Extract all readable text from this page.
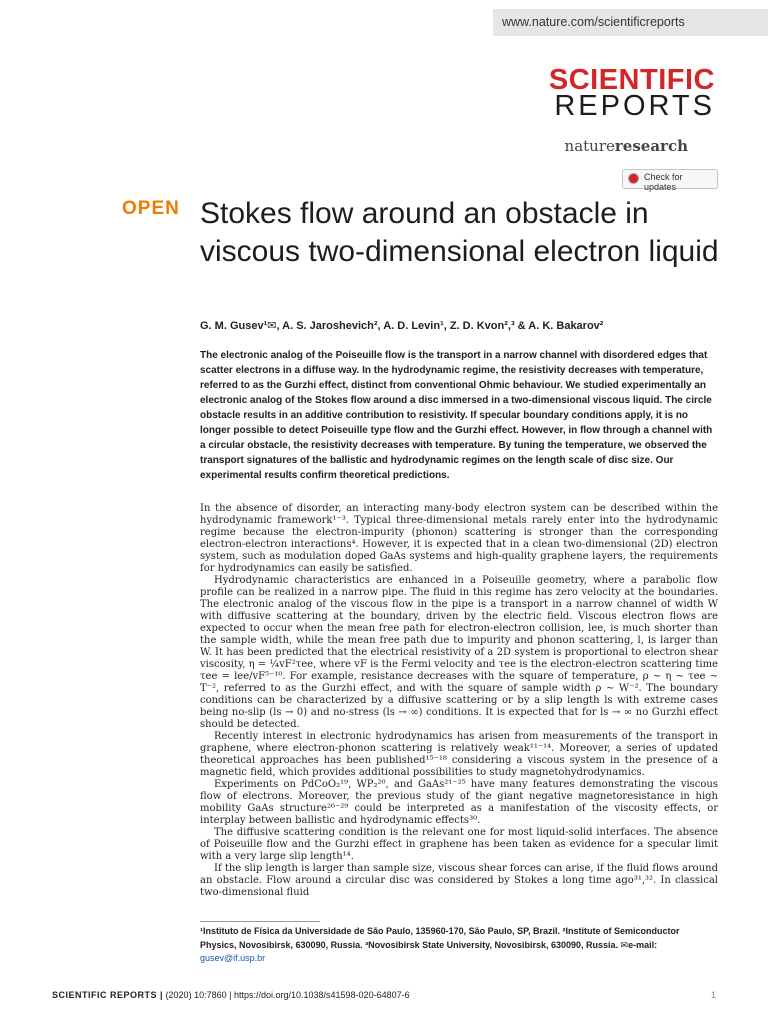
www.nature.com/scientificreports
SCIENTIFIC
REPORTS
natureresearch
Check for updates
OPEN Stokes flow around an obstacle in viscous two-dimensional electron liquid
G. M. Gusev¹✉, A. S. Jaroshevich², A. D. Levin¹, Z. D. Kvon²,³ & A. K. Bakarov²

The electronic analog of the Poiseuille flow is the transport in a narrow channel with disordered edges that scatter electrons in a diffuse way. In the hydrodynamic regime, the resistivity decreases with temperature, referred to as the Gurzhi effect, distinct from conventional Ohmic behaviour. We studied experimentally an electronic analog of the Stokes flow around a disc immersed in a two-dimensional viscous liquid. The circle obstacle results in an additive contribution to resistivity. If specular boundary conditions apply, it is no longer possible to detect Poiseuille type flow and the Gurzhi effect. However, in flow through a channel with a circular obstacle, the resistivity decreases with temperature. By tuning the temperature, we observed the transport signatures of the ballistic and hydrodynamic regimes on the length scale of disc size. Our experimental results confirm theoretical predictions.

In the absence of disorder, an interacting many-body electron system can be described within the hydrodynamic framework¹⁻³. Typical three-dimensional metals rarely enter into the hydrodynamic regime because the electron-impurity (phonon) scattering is stronger than the corresponding electron-electron interactions⁴. However, it is expected that in a clean two-dimensional (2D) electron system, such as modulation doped GaAs systems and high-quality graphene layers, the requirements for hydrodynamics can easily be satisfied.

Hydrodynamic characteristics are enhanced in a Poiseuille geometry, where a parabolic flow profile can be realized in a narrow pipe. The fluid in this regime has zero velocity at the boundaries. The electronic analog of the viscous flow in the pipe is a transport in a narrow channel of width W with diffusive scattering at the boundary, driven by the electric field. Viscous electron flows are expected to occur when the mean free path for electron-electron collision, lee, is much shorter than the sample width, while the mean free path due to impurity and phonon scattering, l, is larger than W. It has been predicted that the electrical resistivity of a 2D system is proportional to electron shear viscosity, η = ¼vF²τee, where vF is the Fermi velocity and τee is the electron-electron scattering time τee = lee/vF⁵⁻¹⁰. For example, resistance decreases with the square of temperature, ρ ∼ η ∼ τee ∼ T⁻², referred to as the Gurzhi effect, and with the square of sample width ρ ∼ W⁻². The boundary conditions can be characterized by a diffusive scattering or by a slip length ls with extreme cases being no-slip (ls → 0) and no-stress (ls → ∞) conditions. It is expected that for ls → ∞ no Gurzhi effect should be detected.

Recently interest in electronic hydrodynamics has arisen from measurements of the transport in graphene, where electron-phonon scattering is relatively weak¹¹⁻¹⁴. Moreover, a series of updated theoretical approaches has been published¹⁵⁻¹⁸ considering a viscous system in the presence of a magnetic field, which provides additional possibilities to study magnetohydrodynamics.

Experiments on PdCoO₂¹⁹, WP₂²⁰, and GaAs²¹⁻²⁵ have many features demonstrating the viscous flow of electrons. Moreover, the previous study of the giant negative magnetoresistance in high mobility GaAs structure²⁶⁻²⁹ could be interpreted as a manifestation of the viscosity effects, or interplay between ballistic and hydrodynamic effects³⁰.

The diffusive scattering condition is the relevant one for most liquid-solid interfaces. The absence of Poiseuille flow and the Gurzhi effect in graphene has been taken as evidence for a specular limit with a very large slip length¹⁴.

If the slip length is larger than sample size, viscous shear forces can arise, if the fluid flows around an obstacle. Flow around a circular disc was considered by Stokes a long time ago³¹,³². In classical two-dimensional fluid

¹Instituto de Física da Universidade de São Paulo, 135960-170, São Paulo, SP, Brazil. ²Institute of Semiconductor Physics, Novosibirsk, 630090, Russia. ³Novosibirsk State University, Novosibirsk, 630090, Russia. ✉e-mail: gusev@if.usp.br
SCIENTIFIC REPORTS | (2020) 10:7860 | https://doi.org/10.1038/s41598-020-64807-6	1
